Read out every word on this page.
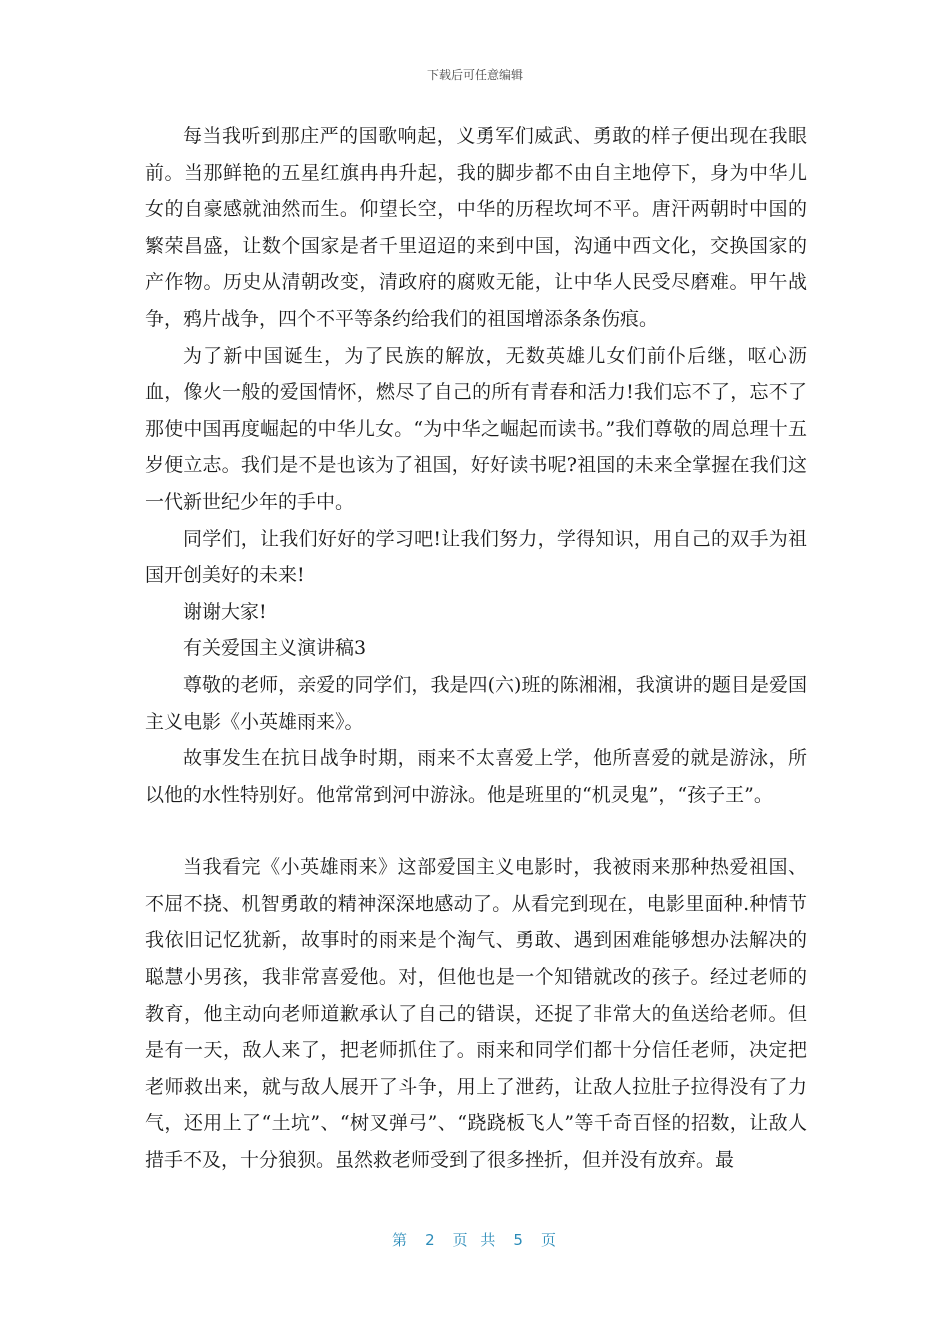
下载后可任意编辑

每当我听到那庄严的国歌响起，义勇军们威武、勇敢的样子便出现在我眼前。当那鲜艳的五星红旗冉冉升起，我的脚步都不由自主地停下，身为中华儿女的自豪感就油然而生。仰望长空，中华的历程坎坷不平。唐汗两朝时中国的繁荣昌盛，让数个国家是者千里迢迢的来到中国，沟通中西文化，交换国家的产作物。历史从清朝改变，清政府的腐败无能，让中华人民受尽磨难。甲午战争，鸦片战争，四个不平等条约给我们的祖国增添条条伤痕。

为了新中国诞生，为了民族的解放，无数英雄儿女们前仆后继，呕心沥血，像火一般的爱国情怀，燃尽了自己的所有青春和活力!我们忘不了，忘不了那使中国再度崛起的中华儿女。“为中华之崛起而读书。”我们尊敬的周总理十五岁便立志。我们是不是也该为了祖国，好好读书呢?祖国的未来全掌握在我们这一代新世纪少年的手中。

同学们，让我们好好的学习吧!让我们努力，学得知识，用自己的双手为祖国开创美好的未来!

谢谢大家!

有关爱国主义演讲稿3

尊敬的老师，亲爱的同学们，我是四(六)班的陈湘湘，我演讲的题目是爱国主义电影《小英雄雨来》。

故事发生在抗日战争时期，雨来不太喜爱上学，他所喜爱的就是游泳，所以他的水性特别好。他常常到河中游泳。他是班里的“机灵鬼”，“孩子王”。

当我看完《小英雄雨来》这部爱国主义电影时，我被雨来那种热爱祖国、不屈不挠、机智勇敢的精神深深地感动了。从看完到现在，电影里面种.种情节我依旧记忆犹新，故事时的雨来是个淘气、勇敢、遇到困难能够想办法解决的聪慧小男孩，我非常喜爱他。对，但他也是一个知错就改的孩子。经过老师的教育，他主动向老师道歉承认了自己的错误，还捉了非常大的鱼送给老师。但是有一天，敌人来了，把老师抓住了。雨来和同学们都十分信任老师，决定把老师救出来，就与敌人展开了斗争，用上了泄药，让敌人拉肚子拉得没有了力气，还用上了“土坑”、“树叉弹弓”、“跷跷板飞人”等千奇百怪的招数，让敌人措手不及，十分狼狈。虽然救老师受到了很多挫折，但并没有放弃。最

第 2 页 共 5 页
